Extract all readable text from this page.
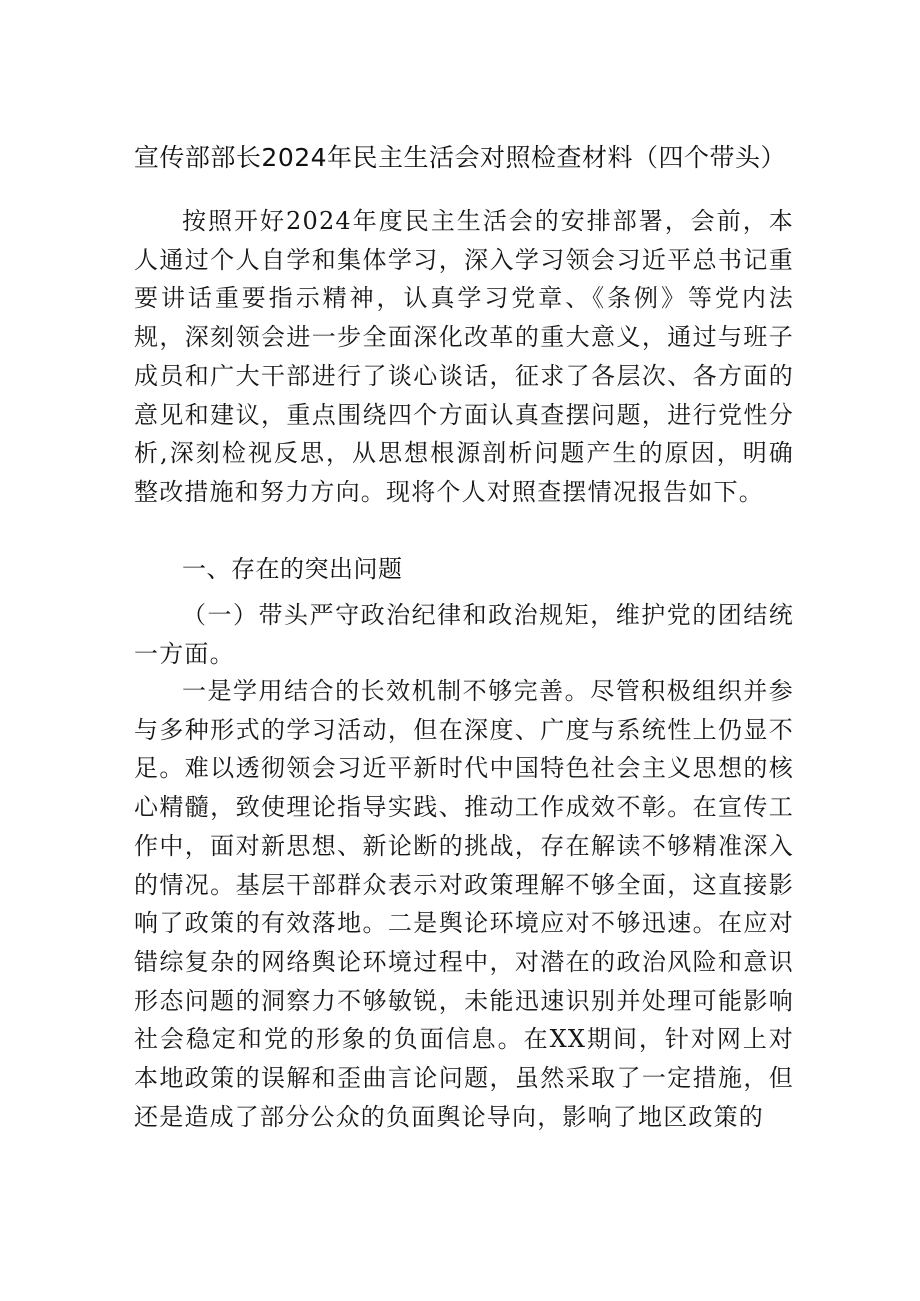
宣传部部长2024年民主生活会对照检查材料（四个带头）

按照开好2024年度民主生活会的安排部署，会前，本人通过个人自学和集体学习，深入学习领会习近平总书记重要讲话重要指示精神，认真学习党章、《条例》等党内法规，深刻领会进一步全面深化改革的重大意义，通过与班子成员和广大干部进行了谈心谈话，征求了各层次、各方面的意见和建议，重点围绕四个方面认真查摆问题，进行党性分析,深刻检视反思，从思想根源剖析问题产生的原因，明确整改措施和努力方向。现将个人对照查摆情况报告如下。

一、存在的突出问题

（一）带头严守政治纪律和政治规矩，维护党的团结统一方面。

一是学用结合的长效机制不够完善。尽管积极组织并参与多种形式的学习活动，但在深度、广度与系统性上仍显不足。难以透彻领会习近平新时代中国特色社会主义思想的核心精髓，致使理论指导实践、推动工作成效不彰。在宣传工作中，面对新思想、新论断的挑战，存在解读不够精准深入的情况。基层干部群众表示对政策理解不够全面，这直接影响了政策的有效落地。二是舆论环境应对不够迅速。在应对错综复杂的网络舆论环境过程中，对潜在的政治风险和意识形态问题的洞察力不够敏锐，未能迅速识别并处理可能影响社会稳定和党的形象的负面信息。在XX期间，针对网上对本地政策的误解和歪曲言论问题，虽然采取了一定措施，但还是造成了部分公众的负面舆论导向，影响了地区政策的
